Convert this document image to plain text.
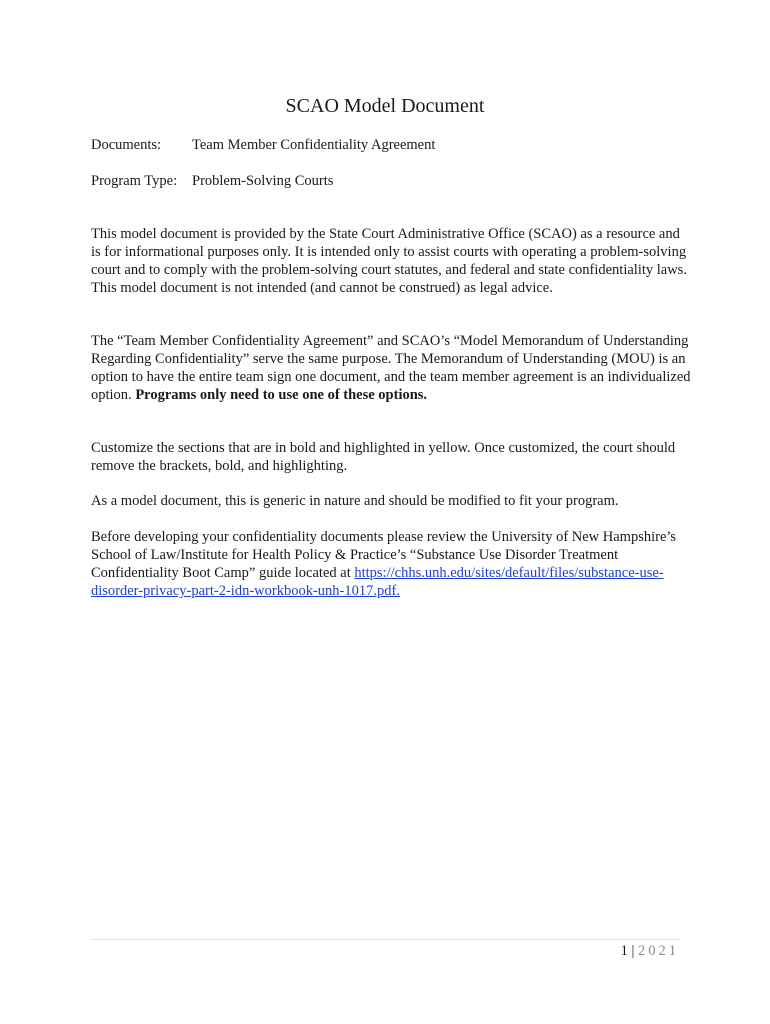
SCAO Model Document
Documents: Team Member Confidentiality Agreement
Program Type: Problem-Solving Courts

This model document is provided by the State Court Administrative Office (SCAO) as a resource and is for informational purposes only. It is intended only to assist courts with operating a problem-solving court and to comply with the problem-solving court statutes, and federal and state confidentiality laws. This model document is not intended (and cannot be construed) as legal advice.

The “Team Member Confidentiality Agreement” and SCAO’s “Model Memorandum of Understanding Regarding Confidentiality” serve the same purpose. The Memorandum of Understanding (MOU) is an option to have the entire team sign one document, and the team member agreement is an individualized option. Programs only need to use one of these options.

Customize the sections that are in bold and highlighted in yellow. Once customized, the court should remove the brackets, bold, and highlighting.

As a model document, this is generic in nature and should be modified to fit your program.

Before developing your confidentiality documents please review the University of New Hampshire’s School of Law/Institute for Health Policy & Practice’s “Substance Use Disorder Treatment Confidentiality Boot Camp” guide located at https://chhs.unh.edu/sites/default/files/substance-use-disorder-privacy-part-2-idn-workbook-unh-1017.pdf.

1 | 2021
